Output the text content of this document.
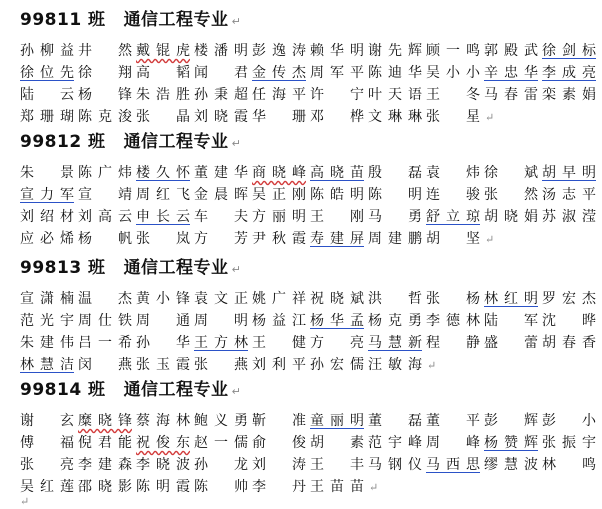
99811 班 通信工程专业 ↵
孙柳益 井　然 戴锟虎 楼潘明 彭逸涛 赖华明 谢先辉 顾一鸣 郭殿武 徐剑标
徐位先 徐　翔 高　韬 闻　君 金传杰 周军平 陈迪华 吴小小 辛忠华 李成亮
陆　云 杨　锋 朱浩胜 孙秉超 任海平 许　宁 叶天语 王　冬 马春雷 栾素娟
郑珊瑚 陈克浚 张　晶 刘晓霞 华　珊 邓　桦 文琳琳 张　星 ↵
99812 班 通信工程专业 ↵
朱　景 陈广炜 楼久怀 董建华 商晓峰 高晓苗 殷　磊 袁　炜 徐　斌 胡早明
宣力军 宣　靖 周红飞 金晨晖 吴正刚 陈皓明 陈　明 连　骏 张　然 汤志平
刘绍材 刘高云 申长云 车　夫 方丽明 王　刚 马　勇 舒立琼 胡晓娟 苏淑滢
应必烯 杨　帆 张　岚 方　芳 尹秋霞 寿建屏 周建鹏 胡　坚 ↵
99813 班 通信工程专业 ↵
宣潇楠 温　杰 黄小锋 袁文正 姚广祥 祝晓斌 洪　哲 张　杨 林红明 罗宏杰
范光宇 周仕铁 周　通 周　明 杨益江 杨华孟 杨克勇 李德林 陆　军 沈　晔
朱建伟 吕一希 孙　华 王方林 王　健 方　亮 马慧新 程　静 盛　蕾 胡春香
林慧洁 闵　燕 张玉霞 张　燕 刘利平 孙宏儒 汪敏海 ↵
99814 班 通信工程专业 ↵
谢　玄 糜晓锋 蔡海林 鲍义勇 靳　准 童丽明 董　磊 董　平 彭　辉 彭　小
傅　福 倪君能 祝俊东 赵一儒 俞　俊 胡　素 范宇峰 周　峰 杨赞辉 张振宇
张　亮 李建森 李晓波 孙　龙 刘　涛 王　丰 马钢仪 马西思 缪慧波 林　鸣
吴红莲 邵晓影 陈明霞 陈　帅 李　丹 王苗苗 ↵
↵
